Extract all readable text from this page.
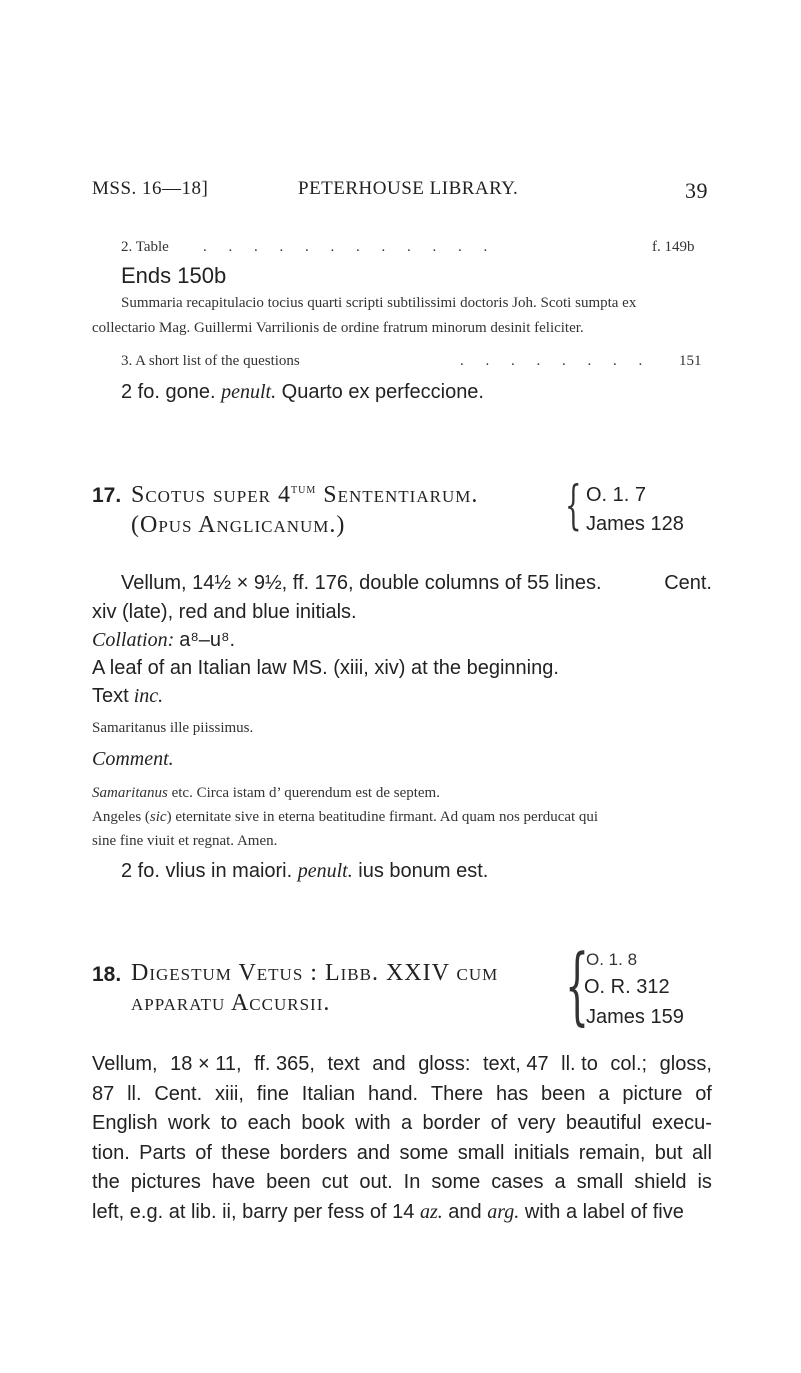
MSS. 16—18]	PETERHOUSE LIBRARY.	39
2. Table . . . . . . . . . . . .	f. 149b
Ends 150b
Summaria recapitulacio tocius quarti scripti subtilissimi doctoris Joh. Scoti sumpta ex
collectario Mag. Guillermi Varrilionis de ordine fratrum minorum desinit feliciter.
3. A short list of the questions	. . . . . . . . 151
2 fo. gone. penult. Quarto ex perfeccione.
17. Scotus super $4^{tum}$ Sententiarum.
(Opus Anglicanum.)	{ O. 1. 7
James 128
Vellum, 14½ × 9½, ff. 176, double columns of 55 lines.	Cent.
xiv (late), red and blue initials.
Collation: a⁸–u⁸.
A leaf of an Italian law MS. (xiii, xiv) at the beginning.
Text inc.
Samaritanus ille piissimus.
Comment.
Samaritanus etc. Circa istam d’ querendum est de septem.
Angeles (sic) eternitate sive in eterna beatitudine firmant. Ad quam nos perducat qui
sine fine viuit et regnat. Amen.
2 fo. vlius in maiori. penult. ius bonum est.
18. Digestum Vetus : Libb. XXIV cum
apparatu Accursii.	{
O. 1. 8
O. R. 312
James 159
Vellum, 18 × 11, ff. 365, text and gloss: text, 47 ll. to col.; gloss,
87 ll. Cent. xiii, fine Italian hand. There has been a picture of
English work to each book with a border of very beautiful execu-
tion. Parts of these borders and some small initials remain, but all
the pictures have been cut out. In some cases a small shield is
left, e.g. at lib. ii, barry per fess of 14 az. and arg. with a label of five
